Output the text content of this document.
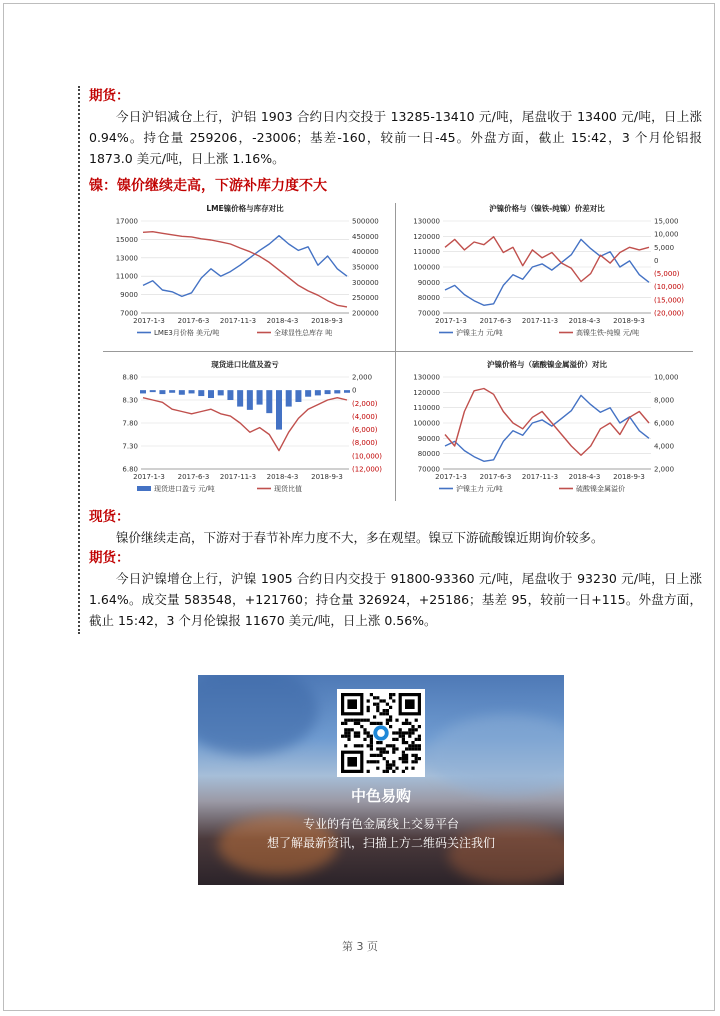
期货：

今日沪铝减仓上行，沪铝 1903 合约日内交投于 13285-13410 元/吨，尾盘收于 13400 元/吨，日上涨 0.94%。持仓量 259206，-23006；基差-160，较前一日-45。外盘方面，截止 15:42，3 个月伦铝报 1873.0 美元/吨，日上涨 1.16%。

镍：镍价继续走高，下游补库力度不大
LME镍价格与库存对比
17000
15000
13000
11000
9000
7000
500000
450000
400000
350000
300000
250000
200000
2017-1-3 2017-6-3 2017-11-3 2018-4-3 2018-9-3
LME3月价格 美元/吨	全球显性总库存 吨
沪镍价格与（镍铁-纯镍）价差对比
130000
120000
110000
100000
90000
80000
70000
15,000
10,000
5,000
0
(5,000)
(10,000)
(15,000)
(20,000)
2017-1-3 2017-6-3 2017-11-3 2018-4-3 2018-9-3
沪镍主力 元/吨	高镍生铁-纯镍 元/吨
现货进口比值及盈亏
8.80
8.30
7.80
7.30
6.80
2,000
0
(2,000)
(4,000)
(6,000)
(8,000)
(10,000)
(12,000)
2017-1-3 2017-6-3 2017-11-3 2018-4-3 2018-9-3
现货进口盈亏 元/吨	现货比值
沪镍价格与（硫酸镍金属溢价）对比
130000
120000
110000
100000
90000
80000
70000
10,000
8,000
6,000
4,000
2,000
2017-1-3 2017-6-3 2017-11-3 2018-4-3 2018-9-3
沪镍主力 元/吨	硫酸镍金属溢价
现货：

镍价继续走高，下游对于春节补库力度不大，多在观望。镍豆下游硫酸镍近期询价较多。

期货：

今日沪镍增仓上行，沪镍 1905 合约日内交投于 91800-93360 元/吨，尾盘收于 93230 元/吨，日上涨 1.64%。成交量 583548，+121760；持仓量 326924，+25186；基差 95，较前一日+115。外盘方面，截止 15:42，3 个月伦镍报 11670 美元/吨，日上涨 0.56%。

中色易购
专业的有色金属线上交易平台
想了解最新资讯，扫描上方二维码关注我们
第 3 页
